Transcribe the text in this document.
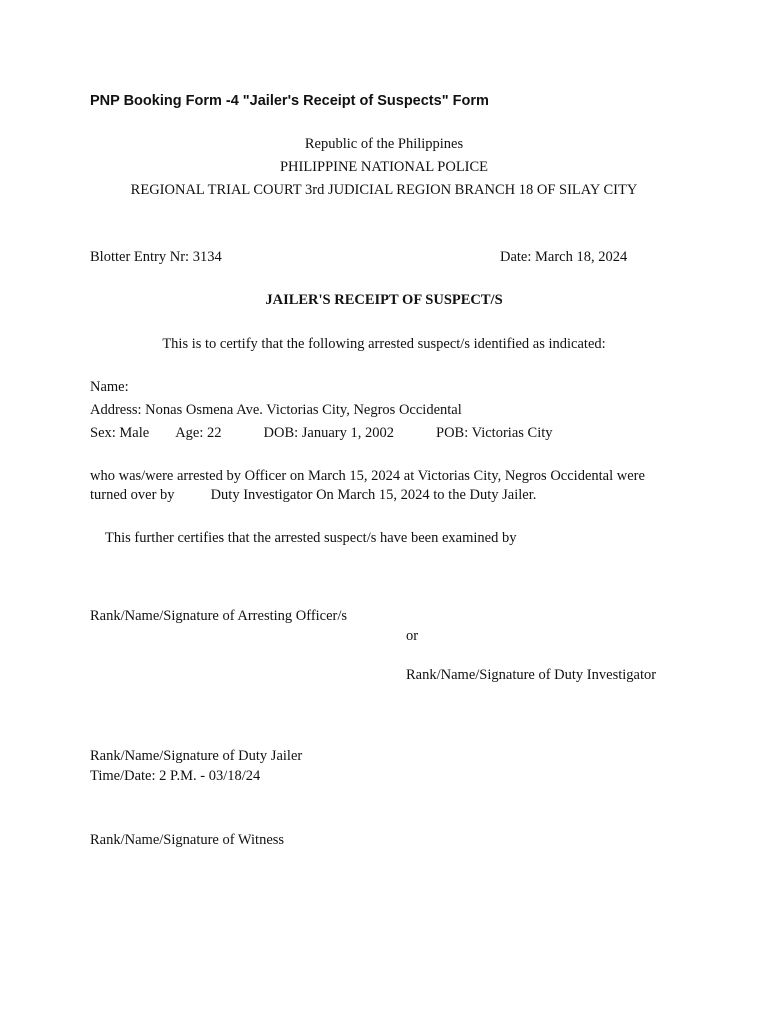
PNP Booking Form -4 "Jailer's Receipt of Suspects" Form
Republic of the Philippines
PHILIPPINE NATIONAL POLICE
REGIONAL TRIAL COURT 3rd JUDICIAL REGION BRANCH 18 OF SILAY CITY
Blotter Entry Nr: 3134	Date: March 18, 2024
JAILER'S RECEIPT OF SUSPECT/S
This is to certify that the following arrested suspect/s identified as indicated:
Name:
Address: Nonas Osmena Ave. Victorias City, Negros Occidental
Sex: Male Age: 22	DOB: January 1, 2002	POB: Victorias City
who was/were arrested by Officer on March 15, 2024 at Victorias City, Negros Occidental were turned over by Duty Investigator On March 15, 2024 to the Duty Jailer.
This further certifies that the arrested suspect/s have been examined by
Rank/Name/Signature of Arresting Officer/s
or
Rank/Name/Signature of Duty Investigator
Rank/Name/Signature of Duty Jailer
Time/Date: 2 P.M. - 03/18/24
Rank/Name/Signature of Witness
